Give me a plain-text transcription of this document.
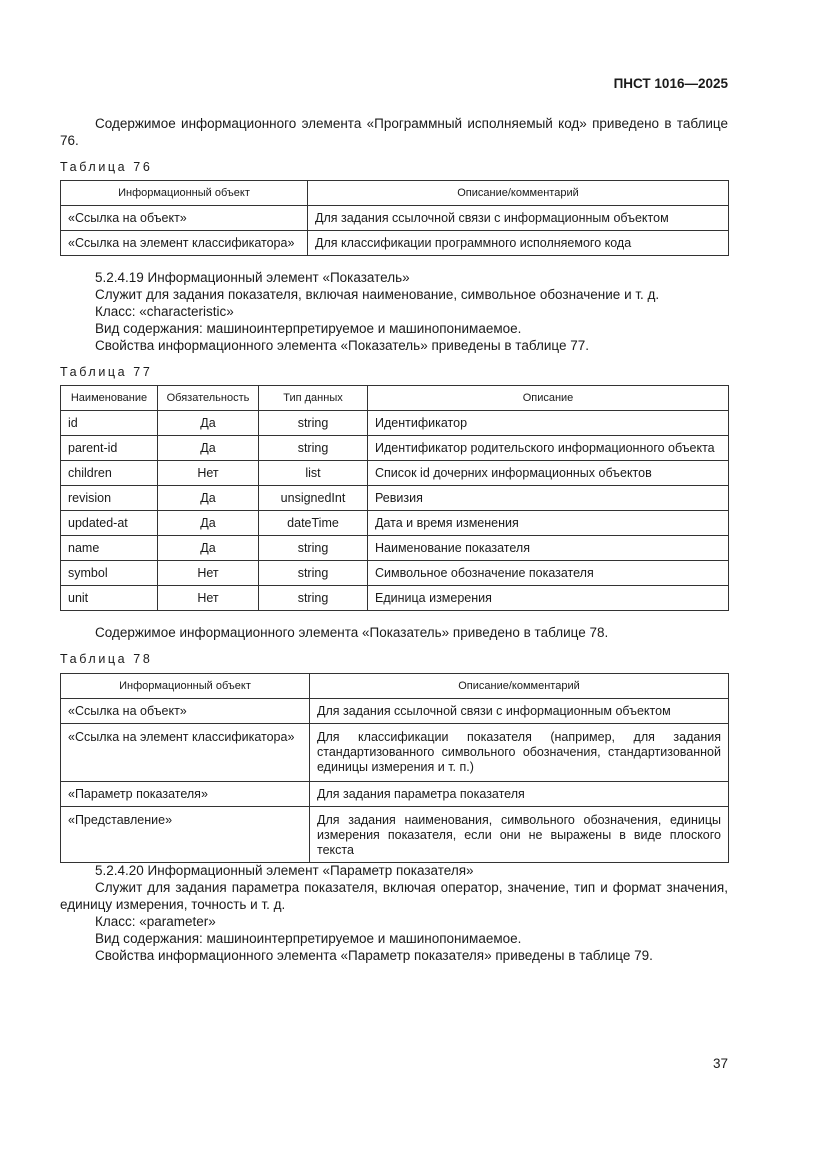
ПНСТ 1016—2025
Содержимое информационного элемента «Программный исполняемый код» приведено в таблице 76.
Таблица 76
Информационный объект	Описание/комментарий
«Ссылка на объект»	Для задания ссылочной связи с информационным объектом
«Ссылка на элемент классификатора»	Для классификации программного исполняемого кода
5.2.4.19 Информационный элемент «Показатель»
Служит для задания показателя, включая наименование, символьное обозначение и т. д.
Класс: «characteristic»
Вид содержания: машиноинтерпретируемое и машинопонимаемое.
Свойства информационного элемента «Показатель» приведены в таблице 77.
Таблица 77
Наименование	Обязательность	Тип данных	Описание
id	Да	string	Идентификатор
parent-id	Да	string	Идентификатор родительского информационного объекта
children	Нет	list	Список id дочерних информационных объектов
revision	Да	unsignedInt	Ревизия
updated-at	Да	dateTime	Дата и время изменения
name	Да	string	Наименование показателя
symbol	Нет	string	Символьное обозначение показателя
unit	Нет	string	Единица измерения
Содержимое информационного элемента «Показатель» приведено в таблице 78.
Таблица 78
Информационный объект	Описание/комментарий
«Ссылка на объект»	Для задания ссылочной связи с информационным объектом
«Ссылка на элемент классификатора»	Для классификации показателя (например, для задания стандартизованного символьного обозначения, стандартизованной единицы измерения и т. п.)
«Параметр показателя»	Для задания параметра показателя
«Представление»	Для задания наименования, символьного обозначения, единицы измерения показателя, если они не выражены в виде плоского текста
5.2.4.20 Информационный элемент «Параметр показателя»
Служит для задания параметра показателя, включая оператор, значение, тип и формат значения, единицу измерения, точность и т. д.
Класс: «parameter»
Вид содержания: машиноинтерпретируемое и машинопонимаемое.
Свойства информационного элемента «Параметр показателя» приведены в таблице 79.
37
